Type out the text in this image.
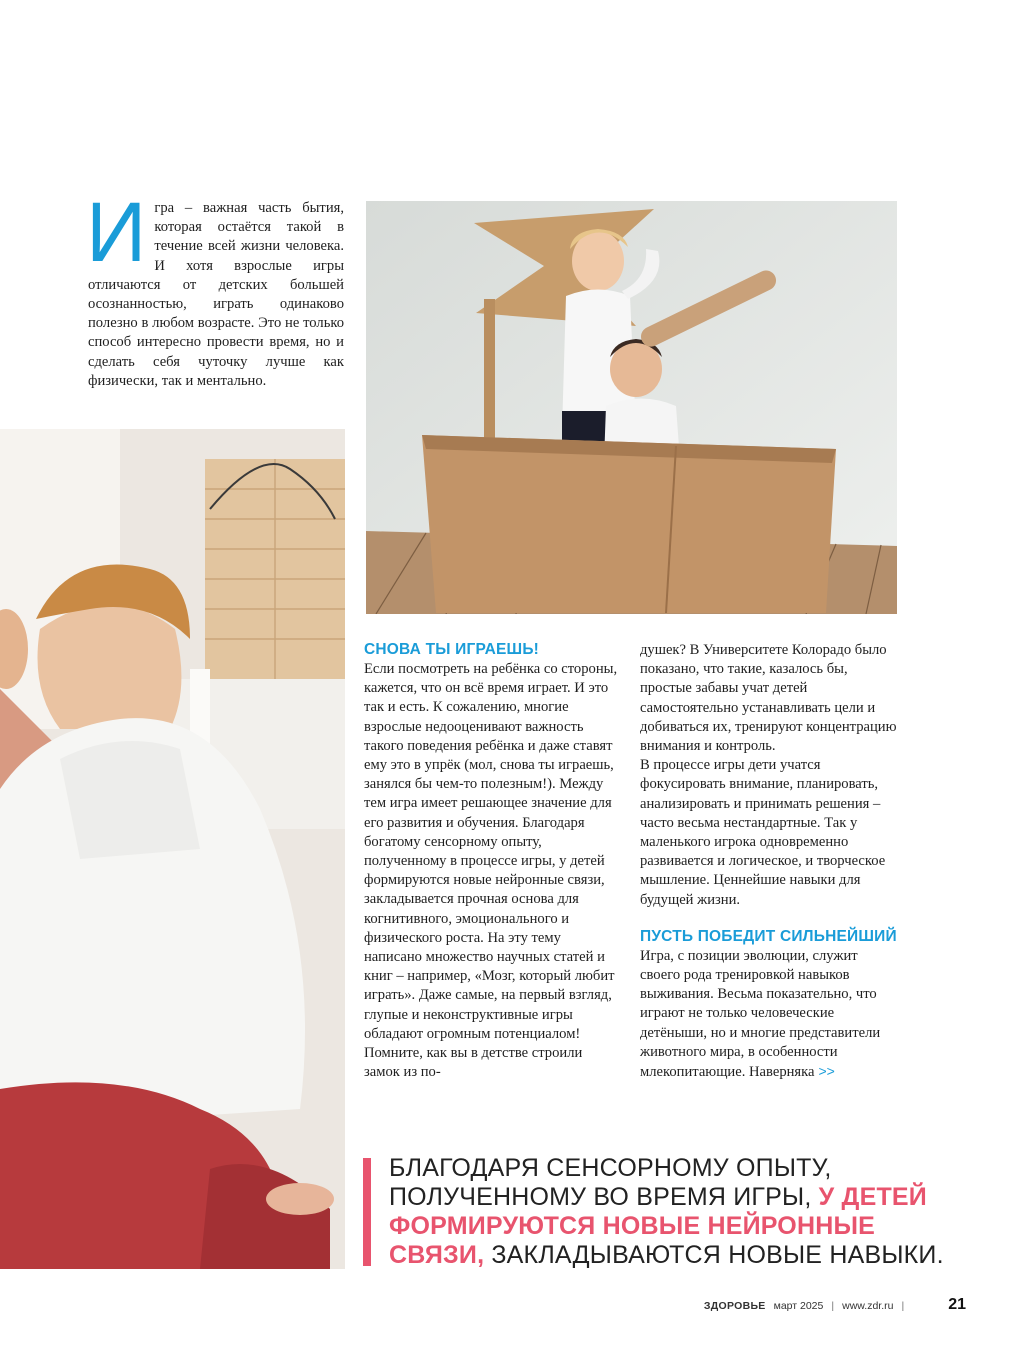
И гра – важная часть бытия, которая остаётся такой в течение всей жизни человека. И хотя взрослые игры отличаются от детских большей осознанностью, играть одинаково полезно в любом возрасте. Это не только способ интересно провести время, но и сделать себя чуточку лучше как физически, так и ментально.

СНОВА ТЫ ИГРАЕШЬ!

Если посмотреть на ребёнка со стороны, кажется, что он всё время играет. И это так и есть. К сожалению, многие взрослые недооценивают важность такого поведения ребёнка и даже ставят ему это в упрёк (мол, снова ты играешь, занялся бы чем-то полезным!). Между тем игра имеет решающее значение для его развития и обучения. Благодаря богатому сенсорному опыту, полученному в процессе игры, у детей формируются новые нейронные связи, закладывается прочная основа для когнитивного, эмоционального и физического роста. На эту тему написано множество научных статей и книг – например, «Мозг, который любит играть». Даже самые, на первый взгляд, глупые и неконструктивные игры обладают огромным потенциалом! Помните, как вы в детстве строили замок из по-

душек? В Университете Колорадо было показано, что такие, казалось бы, простые забавы учат детей самостоятельно устанавливать цели и добиваться их, тренируют концентрацию внимания и контроль.

В процессе игры дети учатся фокусировать внимание, планировать, анализировать и принимать решения – часто весьма нестандартные. Так у маленького игрока одновременно развивается и логическое, и творческое мышление. Ценнейшие навыки для будущей жизни.

ПУСТЬ ПОБЕДИТ СИЛЬНЕЙШИЙ

Игра, с позиции эволюции, служит своего рода тренировкой навыков выживания. Весьма показательно, что играют не только человеческие детёныши, но и многие представители животного мира, в особенности млекопитающие. Наверняка >>

БЛАГОДАРЯ СЕНСОРНОМУ ОПЫТУ, ПОЛУЧЕННОМУ ВО ВРЕМЯ ИГРЫ, У ДЕТЕЙ ФОРМИРУЮТСЯ НОВЫЕ НЕЙРОННЫЕ СВЯЗИ, ЗАКЛАДЫВАЮТСЯ НОВЫЕ НАВЫКИ.
ЗДОРОВЬЕ март 2025 | www.zdr.ru |	21
